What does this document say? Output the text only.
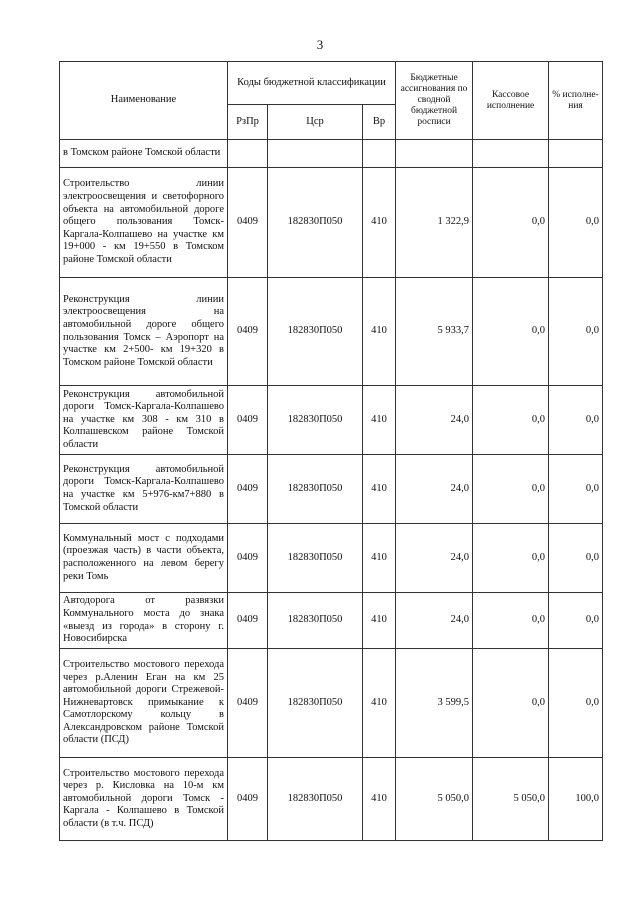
3
Наименование	Коды бюджетной классификации			Бюджетные ассигнования по сводной бюджетной росписи	Кассовое исполнение	% исполне-ния
	РзПр	Цср	Вр			
в Томском районе Томской области						
Строительство линии электроосвещения и светофорного объекта на автомобильной дороге общего пользования Томск-Каргала-Колпашево на участке км 19+000 - км 19+550 в Томском районе Томской области	0409	182830П050	410	1 322,9	0,0	0,0
Реконструкция линии электроосвещения на автомобильной дороге общего пользования Томск – Аэропорт на участке км 2+500- км 19+320 в Томском районе Томской области	0409	182830П050	410	5 933,7	0,0	0,0
Реконструкция автомобильной дороги Томск-Каргала-Колпашево на участке км 308 - км 310 в Колпашевском районе Томской области	0409	182830П050	410	24,0	0,0	0,0
Реконструкция автомобильной дороги Томск-Каргала-Колпашево на участке км 5+976-км7+880 в Томской области	0409	182830П050	410	24,0	0,0	0,0
Коммунальный мост с подходами (проезжая часть) в части объекта, расположенного на левом берегу реки Томь	0409	182830П050	410	24,0	0,0	0,0
Автодорога от развязки Коммунального моста до знака «выезд из города» в сторону г. Новосибирска	0409	182830П050	410	24,0	0,0	0,0
Строительство мостового перехода через р.Аленин Еган на км 25 автомобильной дороги Стрежевой-Нижневартовск примыкание к Самотлорскому кольцу в Александровском районе Томской области (ПСД)	0409	182830П050	410	3 599,5	0,0	0,0
Строительство мостового перехода через р. Кисловка на 10-м км автомобильной дороги Томск - Каргала - Колпашево в Томской области (в т.ч. ПСД)	0409	182830П050	410	5 050,0	5 050,0	100,0
